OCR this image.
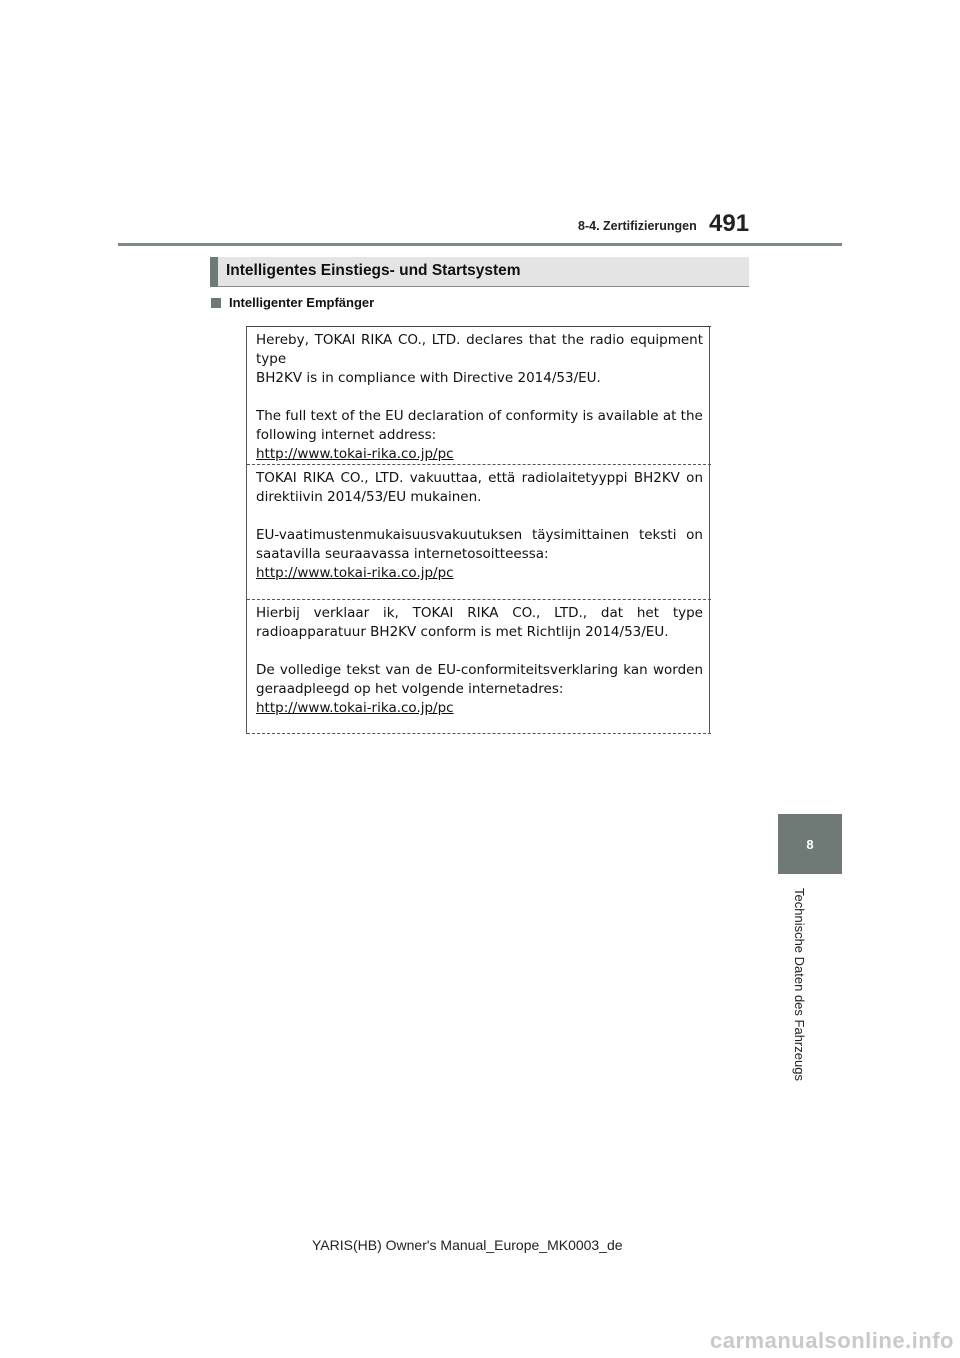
8-4. Zertifizierungen 491
Intelligentes Einstiegs- und Startsystem
Intelligenter Empfänger

Hereby, TOKAI RIKA CO., LTD. declares that the radio equipment type

BH2KV is in compliance with Directive 2014/53/EU.

The full text of the EU declaration of conformity is available at the

following internet address:

http://www.tokai-rika.co.jp/pc

TOKAI RIKA CO., LTD. vakuuttaa, että radiolaitetyyppi BH2KV on

direktiivin 2014/53/EU mukainen.

EU-vaatimustenmukaisuusvakuutuksen täysimittainen teksti on

saatavilla seuraavassa internetosoitteessa:

http://www.tokai-rika.co.jp/pc

Hierbij verklaar ik, TOKAI RIKA CO., LTD., dat het type

radioapparatuur BH2KV conform is met Richtlijn 2014/53/EU.

De volledige tekst van de EU-conformiteitsverklaring kan worden

geraadpleegd op het volgende internetadres:

http://www.tokai-rika.co.jp/pc

8
Technische Daten des Fahrzeugs
YARIS(HB) Owner's Manual_Europe_MK0003_de
carmanualsonline.info
